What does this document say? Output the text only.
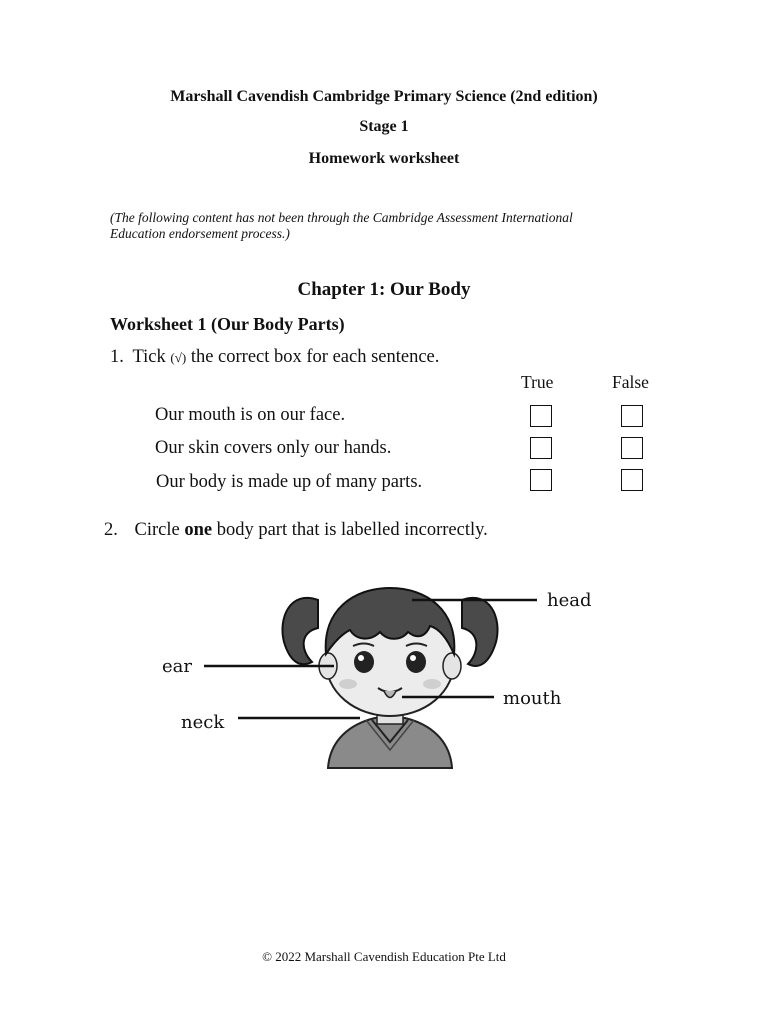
Marshall Cavendish Cambridge Primary Science (2nd edition)
Stage 1
Homework worksheet
(The following content has not been through the Cambridge Assessment International Education endorsement process.)
Chapter 1: Our Body
Worksheet 1 (Our Body Parts)
1. Tick (√) the correct box for each sentence.
True	False
Our mouth is on our face.
Our skin covers only our hands.
Our body is made up of many parts.
2. Circle one body part that is labelled incorrectly.
head
ear
mouth
neck
© 2022 Marshall Cavendish Education Pte Ltd
